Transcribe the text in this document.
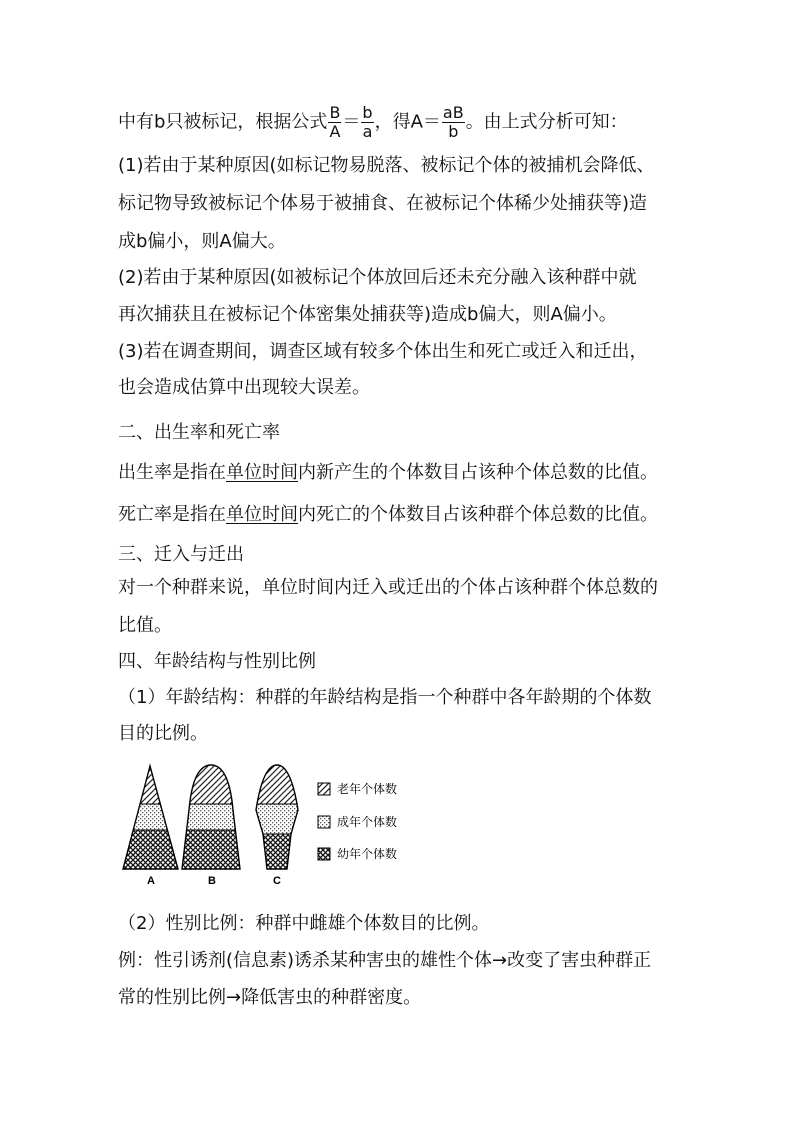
中有b只被标记，根据公式 $\frac{B}{A} = \frac{b}{a}$ ，得$A= \frac{aB}{b}$ 。由上式分析可知：
(1)若由于某种原因(如标记物易脱落、被标记个体的被捕机会降低、
标记物导致被标记个体易于被捕食、在被标记个体稀少处捕获等)造
成b偏小，则A偏大。
(2)若由于某种原因(如被标记个体放回后还未充分融入该种群中就
再次捕获且在被标记个体密集处捕获等)造成b偏大，则A偏小。
(3)若在调查期间，调查区域有较多个体出生和死亡或迁入和迁出，
也会造成估算中出现较大误差。
二、出生率和死亡率
出生率是指在单位时间内新产生的个体数目占该种个体总数的比值。
死亡率是指在单位时间内死亡的个体数目占该种群个体总数的比值。
三、迁入与迁出
对一个种群来说，单位时间内迁入或迁出的个体占该种群个体总数的
比值。
四、年龄结构与性别比例
（1）年龄结构：种群的年龄结构是指一个种群中各年龄期的个体数
目的比例。
A	B	C
老年个体数
成年个体数
幼年个体数
（2）性别比例：种群中雌雄个体数目的比例。
例：性引诱剂(信息素)诱杀某种害虫的雄性个体→改变了害虫种群正
常的性别比例→降低害虫的种群密度。
